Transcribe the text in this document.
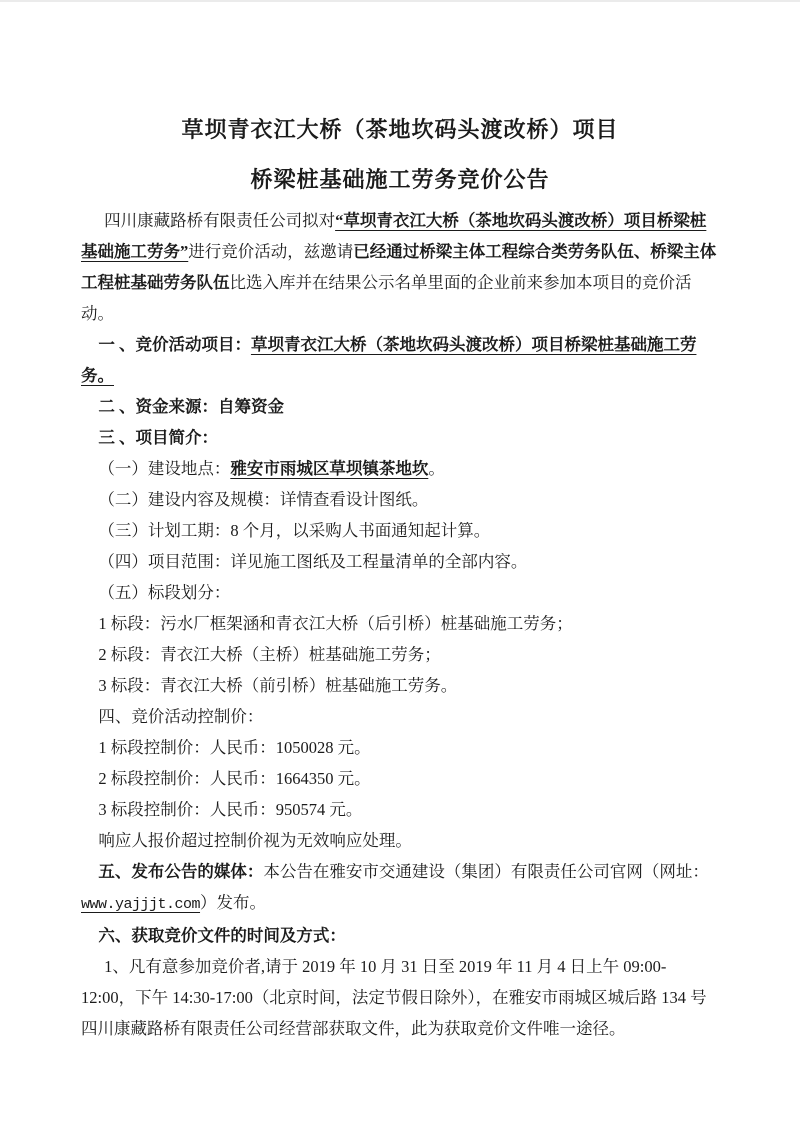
草坝青衣江大桥（茶地坎码头渡改桥）项目
桥梁桩基础施工劳务竞价公告

四川康藏路桥有限责任公司拟对“草坝青衣江大桥（茶地坎码头渡改桥）项目桥梁桩基础施工劳务”进行竞价活动，兹邀请已经通过桥梁主体工程综合类劳务队伍、桥梁主体工程桩基础劳务队伍比选入库并在结果公示名单里面的企业前来参加本项目的竞价活动。

一 、竞价活动项目：草坝青衣江大桥（茶地坎码头渡改桥）项目桥梁桩基础施工劳务。

二 、资金来源：自筹资金

三 、项目简介：

（一）建设地点：雅安市雨城区草坝镇茶地坎。

（二）建设内容及规模：详情查看设计图纸。

（三）计划工期：8 个月，以采购人书面通知起计算。

（四）项目范围：详见施工图纸及工程量清单的全部内容。

（五）标段划分：

1 标段：污水厂框架涵和青衣江大桥（后引桥）桩基础施工劳务；

2 标段：青衣江大桥（主桥）桩基础施工劳务；

3 标段：青衣江大桥（前引桥）桩基础施工劳务。

四、竞价活动控制价：

1 标段控制价：人民币：1050028 元。

2 标段控制价：人民币：1664350 元。

3 标段控制价：人民币：950574 元。

响应人报价超过控制价视为无效响应处理。

五、发布公告的媒体：本公告在雅安市交通建设（集团）有限责任公司官网（网址：www.yajjjt.com）发布。

六、获取竞价文件的时间及方式：

1、凡有意参加竞价者,请于 2019 年 10 月 31 日至 2019 年 11 月 4 日上午 09:00-12:00，下午 14:30-17:00（北京时间，法定节假日除外），在雅安市雨城区城后路 134 号四川康藏路桥有限责任公司经营部获取文件，此为获取竞价文件唯一途径。
